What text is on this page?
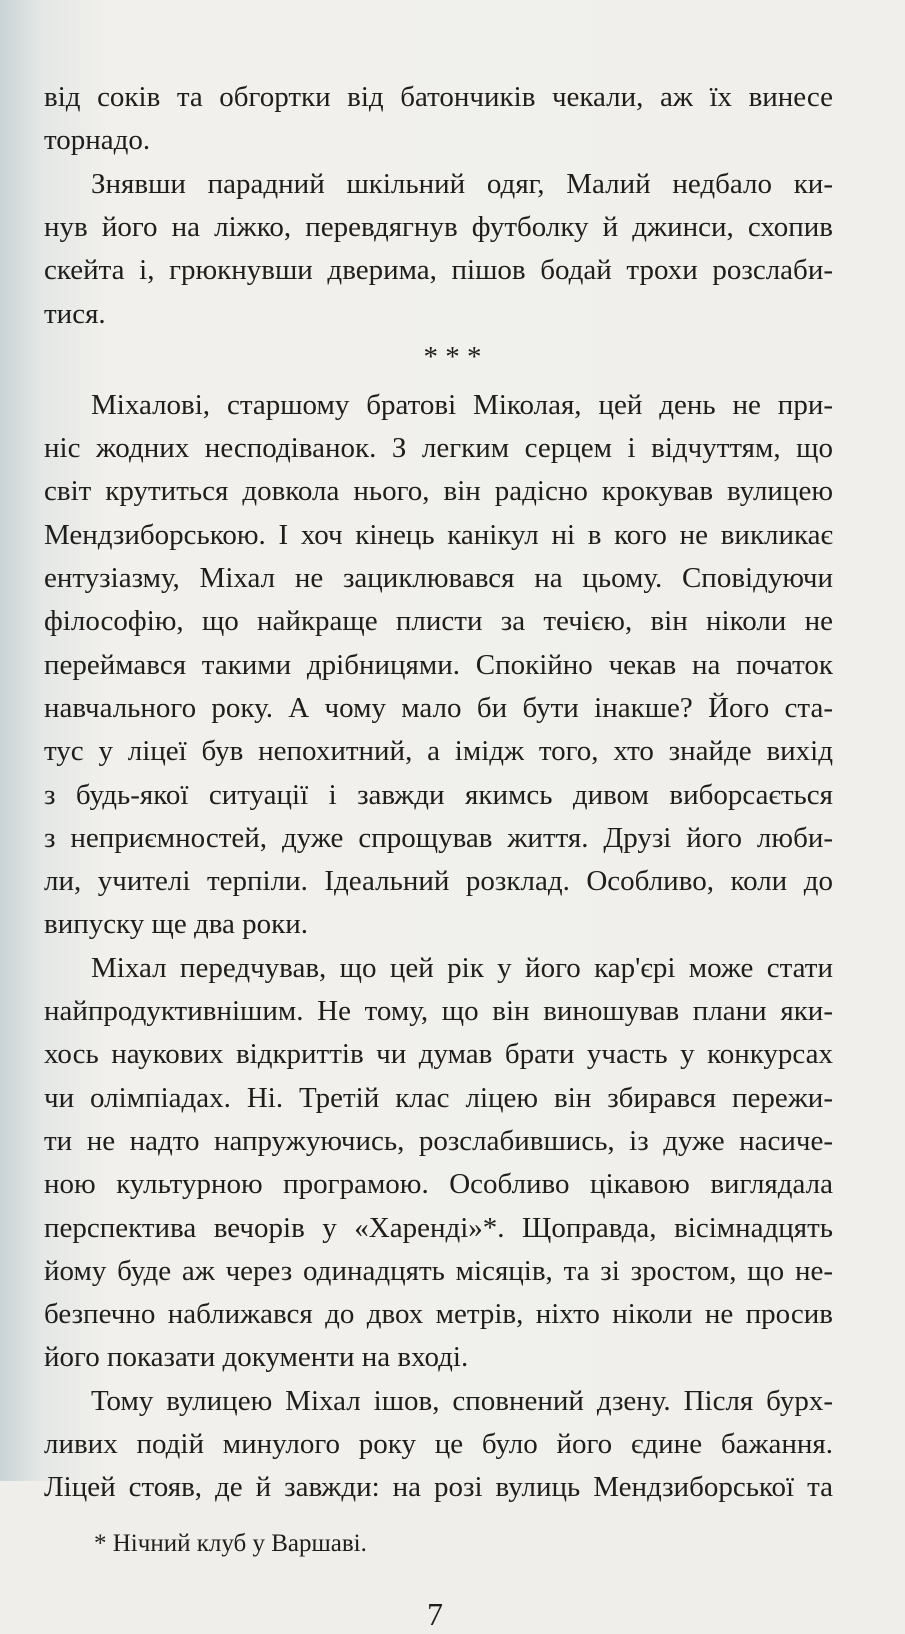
від соків та обгортки від батончиків чекали, аж їх винесе
торнадо.
Знявши парадний шкільний одяг, Малий недбало ки-
нув його на ліжко, перевдягнув футболку й джинси, схопив
скейта і, грюкнувши дверима, пішов бодай трохи розслаби-
тися.
* * *
Міхалові, старшому братові Міколая, цей день не при-
ніс жодних несподіванок. З легким серцем і відчуттям, що
світ крутиться довкола нього, він радісно крокував вулицею
Мендзиборською. І хоч кінець канікул ні в кого не викликає
ентузіазму, Міхал не зациклювався на цьому. Сповідуючи
філософію, що найкраще плисти за течією, він ніколи не
переймався такими дрібницями. Спокійно чекав на початок
навчального року. А чому мало би бути інакше? Його ста-
тус у ліцеї був непохитний, а імідж того, хто знайде вихід
з будь-якої ситуації і завжди якимсь дивом виборсається
з неприємностей, дуже спрощував життя. Друзі його люби-
ли, учителі терпіли. Ідеальний розклад. Особливо, коли до
випуску ще два роки.
Міхал передчував, що цей рік у його кар'єрі може стати
найпродуктивнішим. Не тому, що він виношував плани яки-
хось наукових відкриттів чи думав брати участь у конкурсах
чи олімпіадах. Ні. Третій клас ліцею він збирався пережи-
ти не надто напружуючись, розслабившись, із дуже насиче-
ною культурною програмою. Особливо цікавою виглядала
перспектива вечорів у «Харенді»*. Щоправда, вісімнадцять
йому буде аж через одинадцять місяців, та зі зростом, що не-
безпечно наближався до двох метрів, ніхто ніколи не просив
його показати документи на вході.
Тому вулицею Міхал ішов, сповнений дзену. Після бурх-
ливих подій минулого року це було його єдине бажання.
Ліцей стояв, де й завжди: на розі вулиць Мендзиборської та
* Нічний клуб у Варшаві.
7
